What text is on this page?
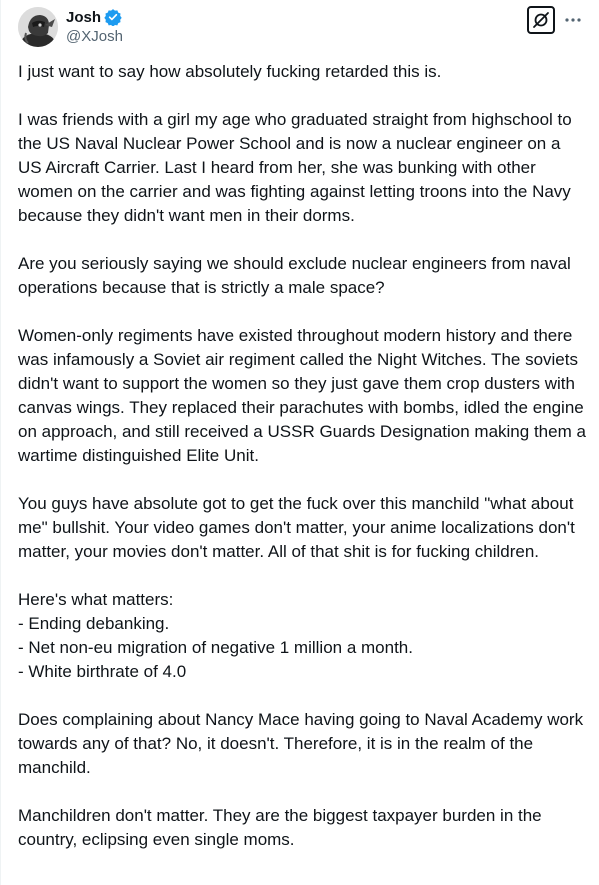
Josh
@XJosh

I just want to say how absolutely fucking retarded this is.

I was friends with a girl my age who graduated straight from highschool to the US Naval Nuclear Power School and is now a nuclear engineer on a US Aircraft Carrier. Last I heard from her, she was bunking with other women on the carrier and was fighting against letting troons into the Navy because they didn't want men in their dorms.

Are you seriously saying we should exclude nuclear engineers from naval operations because that is strictly a male space?

Women-only regiments have existed throughout modern history and there was infamously a Soviet air regiment called the Night Witches. The soviets didn't want to support the women so they just gave them crop dusters with canvas wings. They replaced their parachutes with bombs, idled the engine on approach, and still received a USSR Guards Designation making them a wartime distinguished Elite Unit.

You guys have absolute got to get the fuck over this manchild "what about me" bullshit. Your video games don't matter, your anime localizations don't matter, your movies don't matter. All of that shit is for fucking children.

Here's what matters:
- Ending debanking.
- Net non-eu migration of negative 1 million a month.
- White birthrate of 4.0

Does complaining about Nancy Mace having going to Naval Academy work towards any of that? No, it doesn't. Therefore, it is in the realm of the manchild.

Manchildren don't matter. They are the biggest taxpayer burden in the country, eclipsing even single moms.
